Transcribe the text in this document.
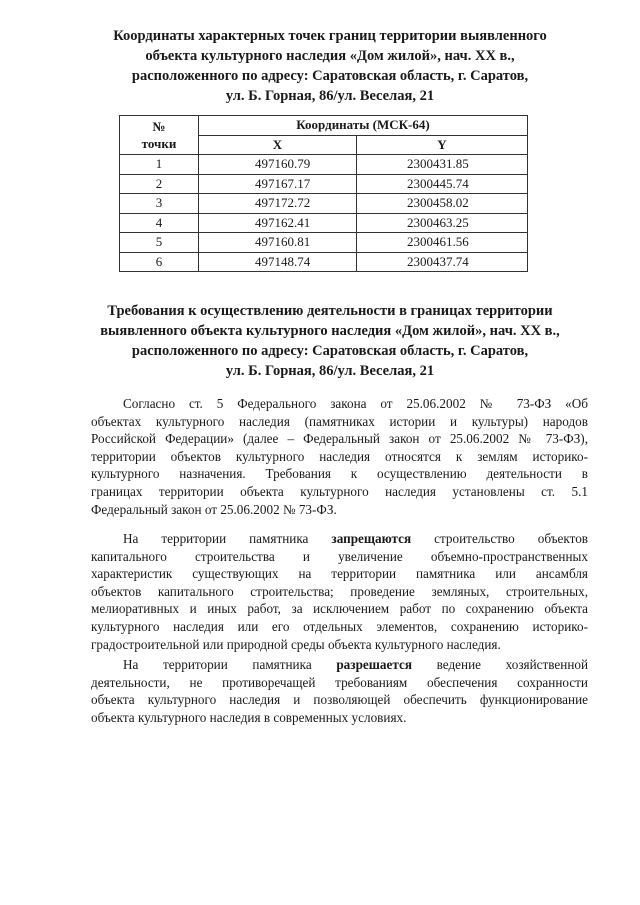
Координаты характерных точек границ территории выявленного
объекта культурного наследия «Дом жилой», нач. XX в.,
расположенного по адресу: Саратовская область, г. Саратов,
ул. Б. Горная, 86/ул. Веселая, 21
№
точки	Координаты (МСК-64)	
	X	Y
1	497160.79	2300431.85
2	497167.17	2300445.74
3	497172.72	2300458.02
4	497162.41	2300463.25
5	497160.81	2300461.56
6	497148.74	2300437.74
Требования к осуществлению деятельности в границах территории
выявленного объекта культурного наследия «Дом жилой», нач. XX в.,
расположенного по адресу: Саратовская область, г. Саратов,
ул. Б. Горная, 86/ул. Веселая, 21
Согласно ст. 5 Федерального закона от 25.06.2002 № 73-ФЗ «Об
объектах культурного наследия (памятниках истории и культуры) народов
Российской Федерации» (далее – Федеральный закон от 25.06.2002 № 73-ФЗ),
территории объектов культурного наследия относятся к землям историко-
культурного назначения. Требования к осуществлению деятельности в
границах территории объекта культурного наследия установлены ст. 5.1
Федеральный закон от 25.06.2002 № 73-ФЗ.
На территории памятника запрещаются строительство объектов
капитального строительства и увеличение объемно-пространственных
характеристик существующих на территории памятника или ансамбля
объектов капитального строительства; проведение земляных, строительных,
мелиоративных и иных работ, за исключением работ по сохранению объекта
культурного наследия или его отдельных элементов, сохранению историко-
градостроительной или природной среды объекта культурного наследия.
На территории памятника разрешается ведение хозяйственной
деятельности, не противоречащей требованиям обеспечения сохранности
объекта культурного наследия и позволяющей обеспечить функционирование
объекта культурного наследия в современных условиях.
